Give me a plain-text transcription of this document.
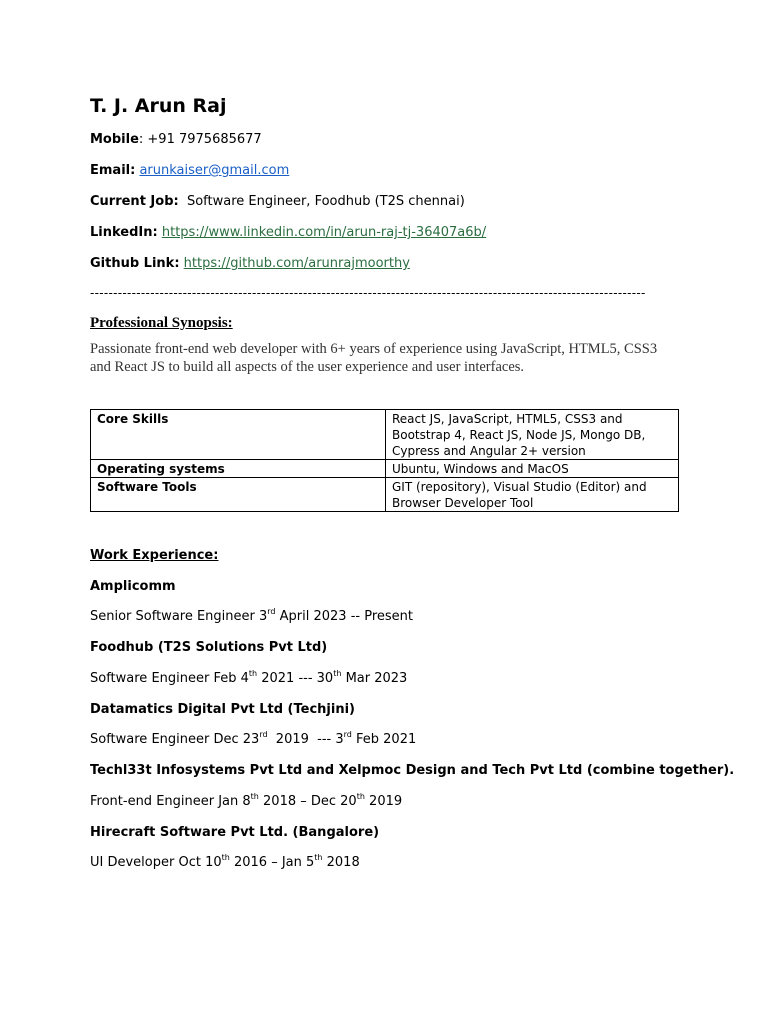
T. J. Arun Raj
Mobile: +91 7975685677
Email: arunkaiser@gmail.com
Current Job: Software Engineer, Foodhub (T2S chennai)
LinkedIn: https://www.linkedin.com/in/arun-raj-tj-36407a6b/
Github Link: https://github.com/arunrajmoorthy
------------------------------------------------------------------------------------------------------------------------
Professional Synopsis:
Passionate front-end web developer with 6+ years of experience using JavaScript, HTML5, CSS3 and React JS to build all aspects of the user experience and user interfaces.
Core Skills	React JS, JavaScript, HTML5, CSS3 and Bootstrap 4, React JS, Node JS, Mongo DB, Cypress and Angular 2+ version
Operating systems	Ubuntu, Windows and MacOS
Software Tools	GIT (repository), Visual Studio (Editor) and Browser Developer Tool
Work Experience:
Amplicomm
Senior Software Engineer 3rd April 2023 -- Present
Foodhub (T2S Solutions Pvt Ltd)
Software Engineer Feb 4th 2021 --- 30th Mar 2023
Datamatics Digital Pvt Ltd (Techjini)
Software Engineer Dec 23rd  2019  --- 3rd Feb 2021
Techl33t Infosystems Pvt Ltd and Xelpmoc Design and Tech Pvt Ltd (combine together).
Front-end Engineer Jan 8th 2018 – Dec 20th 2019
Hirecraft Software Pvt Ltd. (Bangalore)
UI Developer Oct 10th 2016 – Jan 5th 2018
